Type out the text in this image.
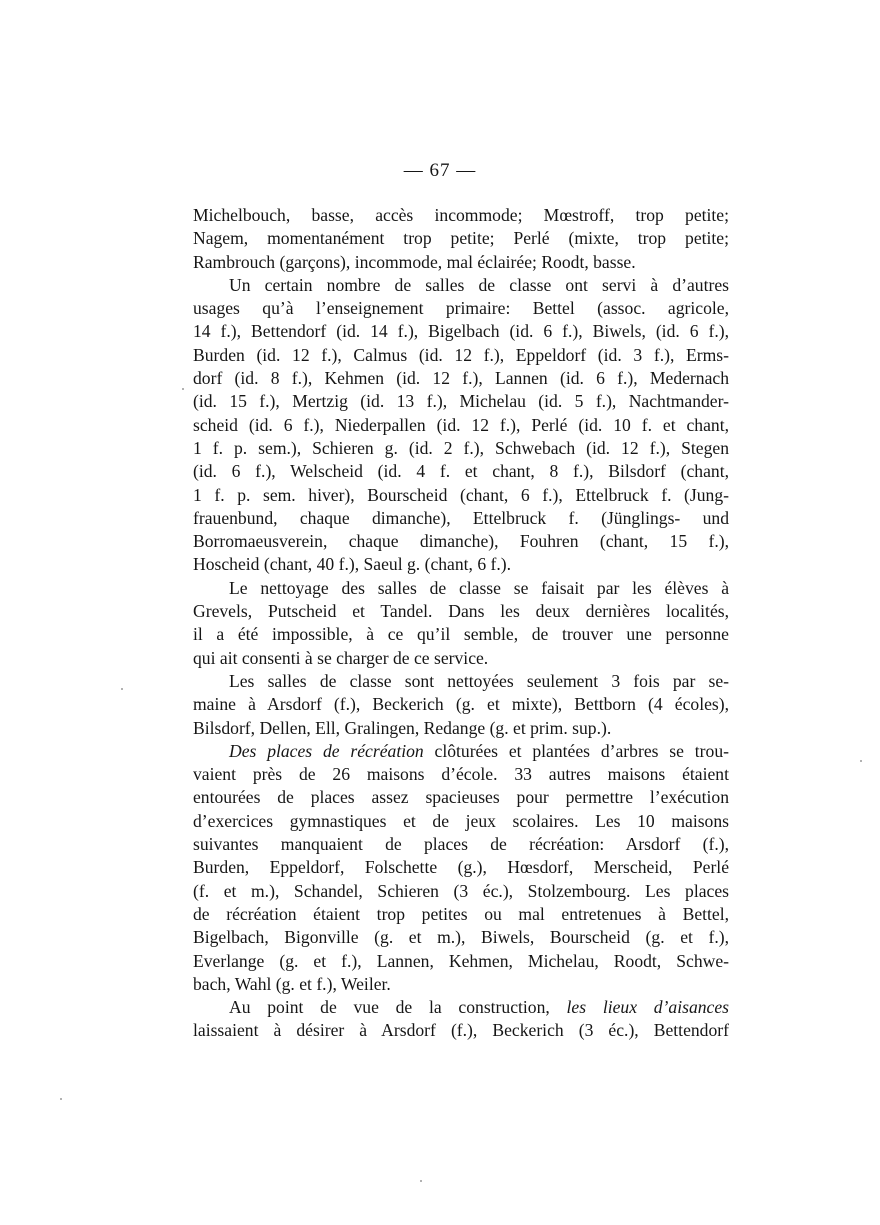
— 67 —
Michelbouch, basse, accès incommode; Mœstroff, trop petite;
Nagem, momentanément trop petite; Perlé (mixte, trop petite;
Rambrouch (garçons), incommode, mal éclairée; Roodt, basse.
Un certain nombre de salles de classe ont servi à d’autres
usages qu’à l’enseignement primaire: Bettel (assoc. agricole,
14 f.), Bettendorf (id. 14 f.), Bigelbach (id. 6 f.), Biwels, (id. 6 f.),
Burden (id. 12 f.), Calmus (id. 12 f.), Eppeldorf (id. 3 f.), Erms-
dorf (id. 8 f.), Kehmen (id. 12 f.), Lannen (id. 6 f.), Medernach
(id. 15 f.), Mertzig (id. 13 f.), Michelau (id. 5 f.), Nachtmander-
scheid (id. 6 f.), Niederpallen (id. 12 f.), Perlé (id. 10 f. et chant,
1 f. p. sem.), Schieren g. (id. 2 f.), Schwebach (id. 12 f.), Stegen
(id. 6 f.), Welscheid (id. 4 f. et chant, 8 f.), Bilsdorf (chant,
1 f. p. sem. hiver), Bourscheid (chant, 6 f.), Ettelbruck f. (Jung-
frauenbund, chaque dimanche), Ettelbruck f. (Jünglings- und
Borromaeusverein, chaque dimanche), Fouhren (chant, 15 f.),
Hoscheid (chant, 40 f.), Saeul g. (chant, 6 f.).
Le nettoyage des salles de classe se faisait par les élèves à
Grevels, Putscheid et Tandel. Dans les deux dernières localités,
il a été impossible, à ce qu’il semble, de trouver une personne
qui ait consenti à se charger de ce service.
Les salles de classe sont nettoyées seulement 3 fois par se-
maine à Arsdorf (f.), Beckerich (g. et mixte), Bettborn (4 écoles),
Bilsdorf, Dellen, Ell, Gralingen, Redange (g. et prim. sup.).
Des places de récréation clôturées et plantées d’arbres se trou-
vaient près de 26 maisons d’école. 33 autres maisons étaient
entourées de places assez spacieuses pour permettre l’exécution
d’exercices gymnastiques et de jeux scolaires. Les 10 maisons
suivantes manquaient de places de récréation: Arsdorf (f.),
Burden, Eppeldorf, Folschette (g.), Hœsdorf, Merscheid, Perlé
(f. et m.), Schandel, Schieren (3 éc.), Stolzembourg. Les places
de récréation étaient trop petites ou mal entretenues à Bettel,
Bigelbach, Bigonville (g. et m.), Biwels, Bourscheid (g. et f.),
Everlange (g. et f.), Lannen, Kehmen, Michelau, Roodt, Schwe-
bach, Wahl (g. et f.), Weiler.
Au point de vue de la construction, les lieux d’aisances
laissaient à désirer à Arsdorf (f.), Beckerich (3 éc.), Bettendorf
